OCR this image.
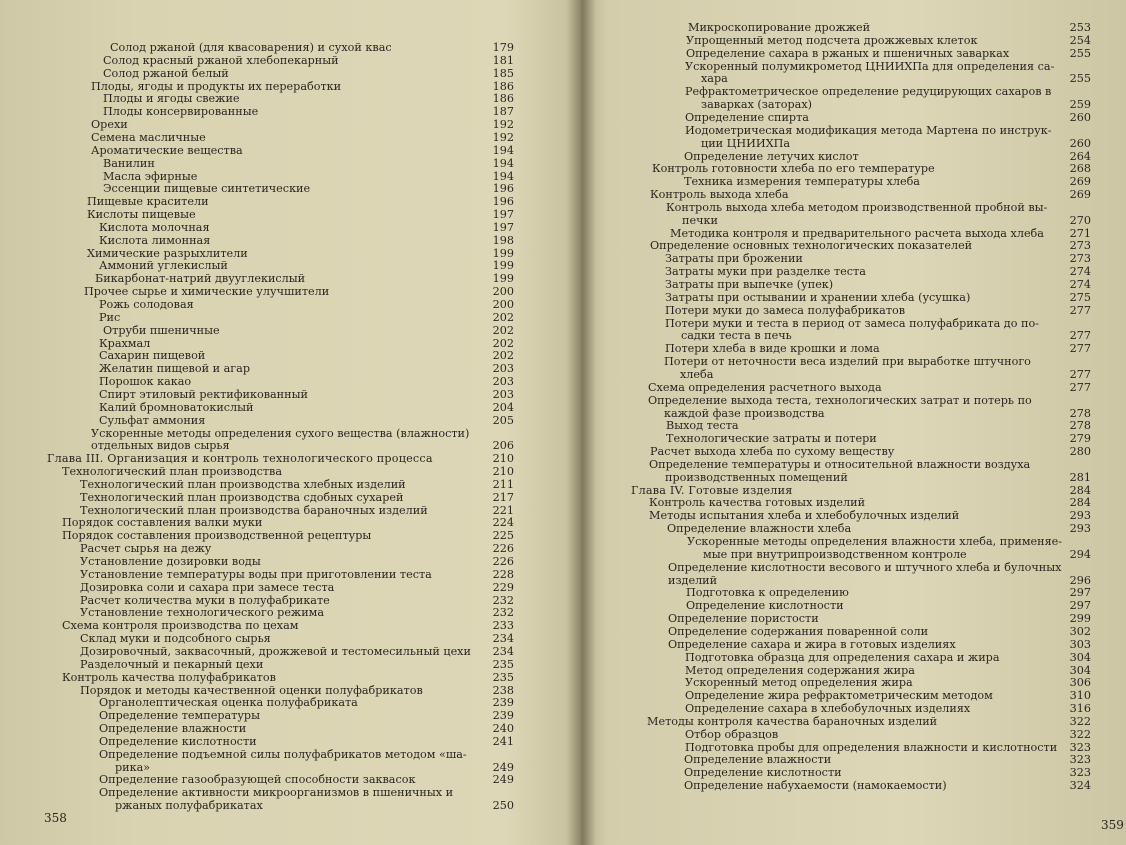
358
Солод ржаной (для квасоварения) и сухой квас	179
Солод красный ржаной хлебопекарный	181
Солод ржаной белый	185
Плоды, ягоды и продукты их переработки	186
Плоды и ягоды свежие	186
Плоды консервированные	187
Орехи	192
Семена масличные	192
Ароматические вещества	194
Ванилин	194
Масла эфирные	194
Эссенции пищевые синтетические	196
Пищевые красители	196
Кислоты пищевые	197
Кислота молочная	197
Кислота лимонная	198
Химические разрыхлители	199
Аммоний углекислый	199
Бикарбонат-натрий двууглекислый	199
Прочее сырье и химические улучшители	200
Рожь солодовая	200
Рис	202
Отруби пшеничные	202
Крахмал	202
Сахарин пищевой	202
Желатин пищевой и агар	203
Порошок какао	203
Спирт этиловый ректификованный	203
Калий бромноватокислый	204
Сульфат аммония	205
Ускоренные методы определения сухого вещества (влажности)
отдельных видов сырья	206
Глава III. Организация и контроль технологического процесса	210
Технологический план производства	210
Технологический план производства хлебных изделий	211
Технологический план производства сдобных сухарей	217
Технологический план производства бараночных изделий	221
Порядок составления валки муки	224
Порядок составления производственной рецептуры	225
Расчет сырья на дежу	226
Установление дозировки воды	226
Установление температуры воды при приготовлении теста	228
Дозировка соли и сахара при замесе теста	229
Расчет количества муки в полуфабрикате	232
Установление технологического режима	232
Схема контроля производства по цехам	233
Склад муки и подсобного сырья	234
Дозировочный, заквасочный, дрожжевой и тестомесильный цехи	234
Разделочный и пекарный цехи	235
Контроль качества полуфабрикатов	235
Порядок и методы качественной оценки полуфабрикатов	238
Органолептическая оценка полуфабриката	239
Определение температуры	239
Определение влажности	240
Определение кислотности	241
Определение подъемной силы полуфабрикатов методом «ша-
рика»	249
Определение газообразующей способности заквасок	249
Определение активности микроорганизмов в пшеничных и
ржаных полуфабрикатах	250
359
Микроскопирование дрожжей	253
Упрощенный метод подсчета дрожжевых клеток	254
Определение сахара в ржаных и пшеничных заварках	255
Ускоренный полумикрометод ЦНИИХПа для определения са-
хара	255
Рефрактометрическое определение редуцирующих сахаров в
заварках (заторах)	259
Определение спирта	260
Иодометрическая модификация метода Мартена по инструк-
ции ЦНИИХПа	260
Определение летучих кислот	264
Контроль готовности хлеба по его температуре	268
Техника измерения температуры хлеба	269
Контроль выхода хлеба	269
Контроль выхода хлеба методом производственной пробной вы-
печки	270
Методика контроля и предварительного расчета выхода хлеба	271
Определение основных технологических показателей	273
Затраты при брожении	273
Затраты муки при разделке теста	274
Затраты при выпечке (упек)	274
Затраты при остывании и хранении хлеба (усушка)	275
Потери муки до замеса полуфабрикатов	277
Потери муки и теста в период от замеса полуфабриката до по-
садки теста в печь	277
Потери хлеба в виде крошки и лома	277
Потери от неточности веса изделий при выработке штучного
хлеба	277
Схема определения расчетного выхода	277
Определение выхода теста, технологических затрат и потерь по
каждой фазе производства	278
Выход теста	278
Технологические затраты и потери	279
Расчет выхода хлеба по сухому веществу	280
Определение температуры и относительной влажности воздуха
производственных помещений	281
Глава IV. Готовые изделия	284
Контроль качества готовых изделий	284
Методы испытания хлеба и хлебобулочных изделий	293
Определение влажности хлеба	293
Ускоренные методы определения влажности хлеба, применяе-
мые при внутрипроизводственном контроле	294
Определение кислотности весового и штучного хлеба и булочных
изделий	296
Подготовка к определению	297
Определение кислотности	297
Определение пористости	299
Определение содержания поваренной соли	302
Определение сахара и жира в готовых изделиях	303
Подготовка образца для определения сахара и жира	304
Метод определения содержания жира	304
Ускоренный метод определения жира	306
Определение жира рефрактометрическим методом	310
Определение сахара в хлебобулочных изделиях	316
Методы контроля качества бараночных изделий	322
Отбор образцов	322
Подготовка пробы для определения влажности и кислотности	323
Определение влажности	323
Определение кислотности	323
Определение набухаемости (намокаемости)	324
